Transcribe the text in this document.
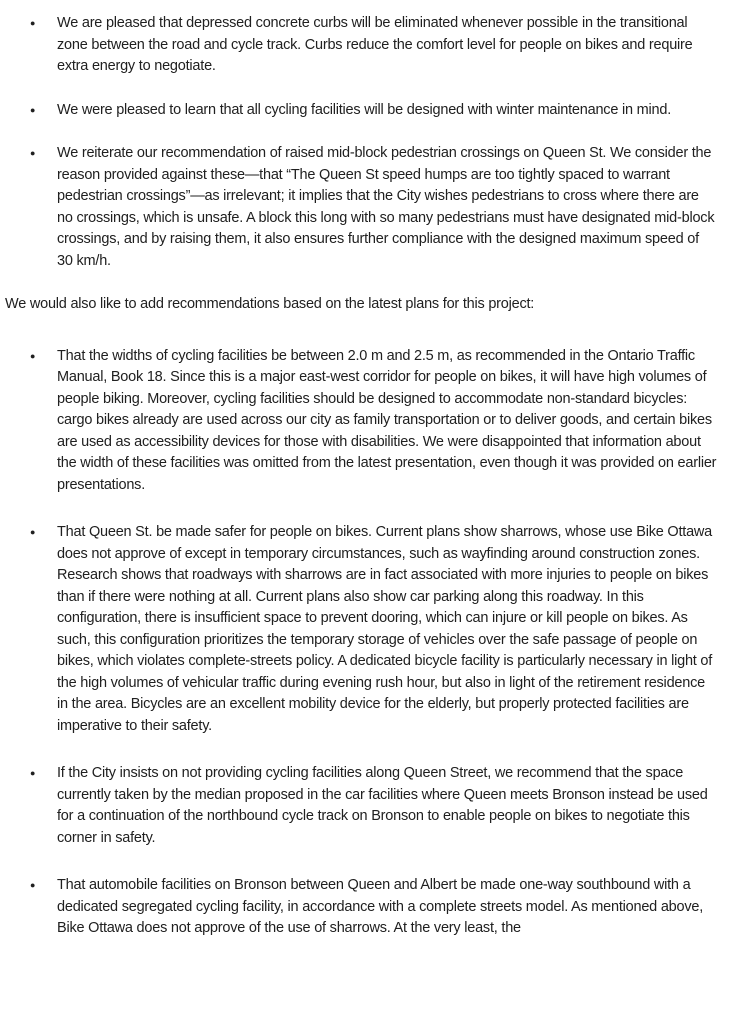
●	We are pleased that depressed concrete curbs will be eliminated whenever possible in the transitional zone between the road and cycle track. Curbs reduce the comfort level for people on bikes and require extra energy to negotiate.
●	We were pleased to learn that all cycling facilities will be designed with winter maintenance in mind.
●	We reiterate our recommendation of raised mid-block pedestrian crossings on Queen St. We consider the reason provided against these—that “The Queen St speed humps are too tightly spaced to warrant pedestrian crossings”—as irrelevant; it implies that the City wishes pedestrians to cross where there are no crossings, which is unsafe. A block this long with so many pedestrians must have designated mid-block crossings, and by raising them, it also ensures further compliance with the designed maximum speed of 30 km/h.

We would also like to add recommendations based on the latest plans for this project:

●	That the widths of cycling facilities be between 2.0 m and 2.5 m, as recommended in the Ontario Traffic Manual, Book 18. Since this is a major east-west corridor for people on bikes, it will have high volumes of people biking. Moreover, cycling facilities should be designed to accommodate non-standard bicycles: cargo bikes already are used across our city as family transportation or to deliver goods, and certain bikes are used as accessibility devices for those with disabilities. We were disappointed that information about the width of these facilities was omitted from the latest presentation, even though it was provided on earlier presentations.
●	That Queen St. be made safer for people on bikes. Current plans show sharrows, whose use Bike Ottawa does not approve of except in temporary circumstances, such as wayfinding around construction zones. Research shows that roadways with sharrows are in fact associated with more injuries to people on bikes than if there were nothing at all. Current plans also show car parking along this roadway. In this configuration, there is insufficient space to prevent dooring, which can injure or kill people on bikes. As such, this configuration prioritizes the temporary storage of vehicles over the safe passage of people on bikes, which violates complete-streets policy. A dedicated bicycle facility is particularly necessary in light of the high volumes of vehicular traffic during evening rush hour, but also in light of the retirement residence in the area. Bicycles are an excellent mobility device for the elderly, but properly protected facilities are imperative to their safety.
●	If the City insists on not providing cycling facilities along Queen Street, we recommend that the space currently taken by the median proposed in the car facilities where Queen meets Bronson instead be used for a continuation of the northbound cycle track on Bronson to enable people on bikes to negotiate this corner in safety.
●	That automobile facilities on Bronson between Queen and Albert be made one-way southbound with a dedicated segregated cycling facility, in accordance with a complete streets model. As mentioned above, Bike Ottawa does not approve of the use of sharrows. At the very least, the
